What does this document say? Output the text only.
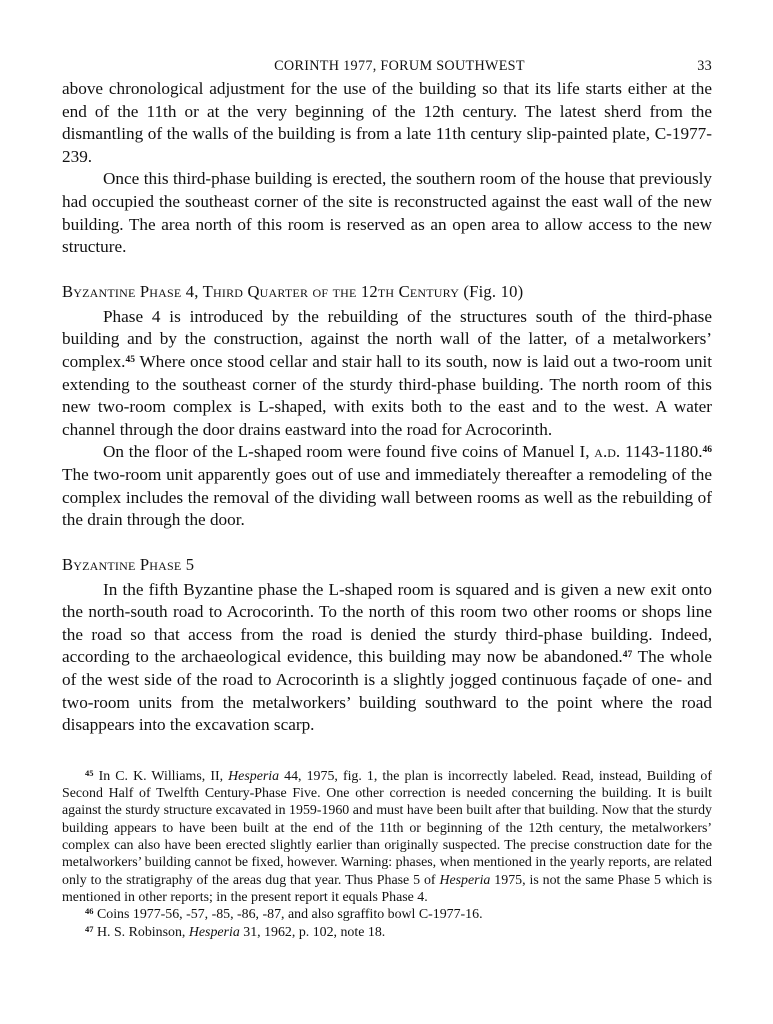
CORINTH 1977, FORUM SOUTHWEST	33

above chronological adjustment for the use of the building so that its life starts either at the end of the 11th or at the very beginning of the 12th century. The latest sherd from the dismantling of the walls of the building is from a late 11th century slip-painted plate, C-1977-239.

Once this third-phase building is erected, the southern room of the house that previously had occupied the southeast corner of the site is reconstructed against the east wall of the new building. The area north of this room is reserved as an open area to allow access to the new structure.

Byzantine Phase 4, Third Quarter of the 12th Century (Fig. 10)

Phase 4 is introduced by the rebuilding of the structures south of the third-phase building and by the construction, against the north wall of the latter, of a metalworkers’ complex.$^{45}$ Where once stood cellar and stair hall to its south, now is laid out a two-room unit extending to the southeast corner of the sturdy third-phase building. The north room of this new two-room complex is L-shaped, with exits both to the east and to the west. A water channel through the door drains eastward into the road for Acrocorinth.

On the floor of the L-shaped room were found five coins of Manuel I, a.d. 1143-1180.46 The two-room unit apparently goes out of use and immediately thereafter a remodeling of the complex includes the removal of the dividing wall between rooms as well as the rebuilding of the drain through the door.

Byzantine Phase 5

In the fifth Byzantine phase the L-shaped room is squared and is given a new exit onto the north-south road to Acrocorinth. To the north of this room two other rooms or shops line the road so that access from the road is denied the sturdy third-phase building. Indeed, according to the archaeological evidence, this building may now be abandoned.$^{47}$ The whole of the west side of the road to Acrocorinth is a slightly jogged continuous façade of one- and two-room units from the metalworkers’ building southward to the point where the road disappears into the excavation scarp.

$^{45}$ In C. K. Williams, II, Hesperia 44, 1975, fig. 1, the plan is incorrectly labeled. Read, instead, Building of Second Half of Twelfth Century-Phase Five. One other correction is needed concerning the building. It is built against the sturdy structure excavated in 1959-1960 and must have been built after that building. Now that the sturdy building appears to have been built at the end of the 11th or beginning of the 12th century, the metalworkers’ complex can also have been erected slightly earlier than originally suspected. The precise construction date for the metalworkers’ building cannot be fixed, however. Warning: phases, when mentioned in the yearly reports, are related only to the stratigraphy of the areas dug that year. Thus Phase 5 of Hesperia 1975, is not the same Phase 5 which is mentioned in other reports; in the present report it equals Phase 4.

$^{46}$ Coins 1977-56, -57, -85, -86, -87, and also sgraffito bowl C-1977-16.

$^{47}$ H. S. Robinson, Hesperia 31, 1962, p. 102, note 18.
